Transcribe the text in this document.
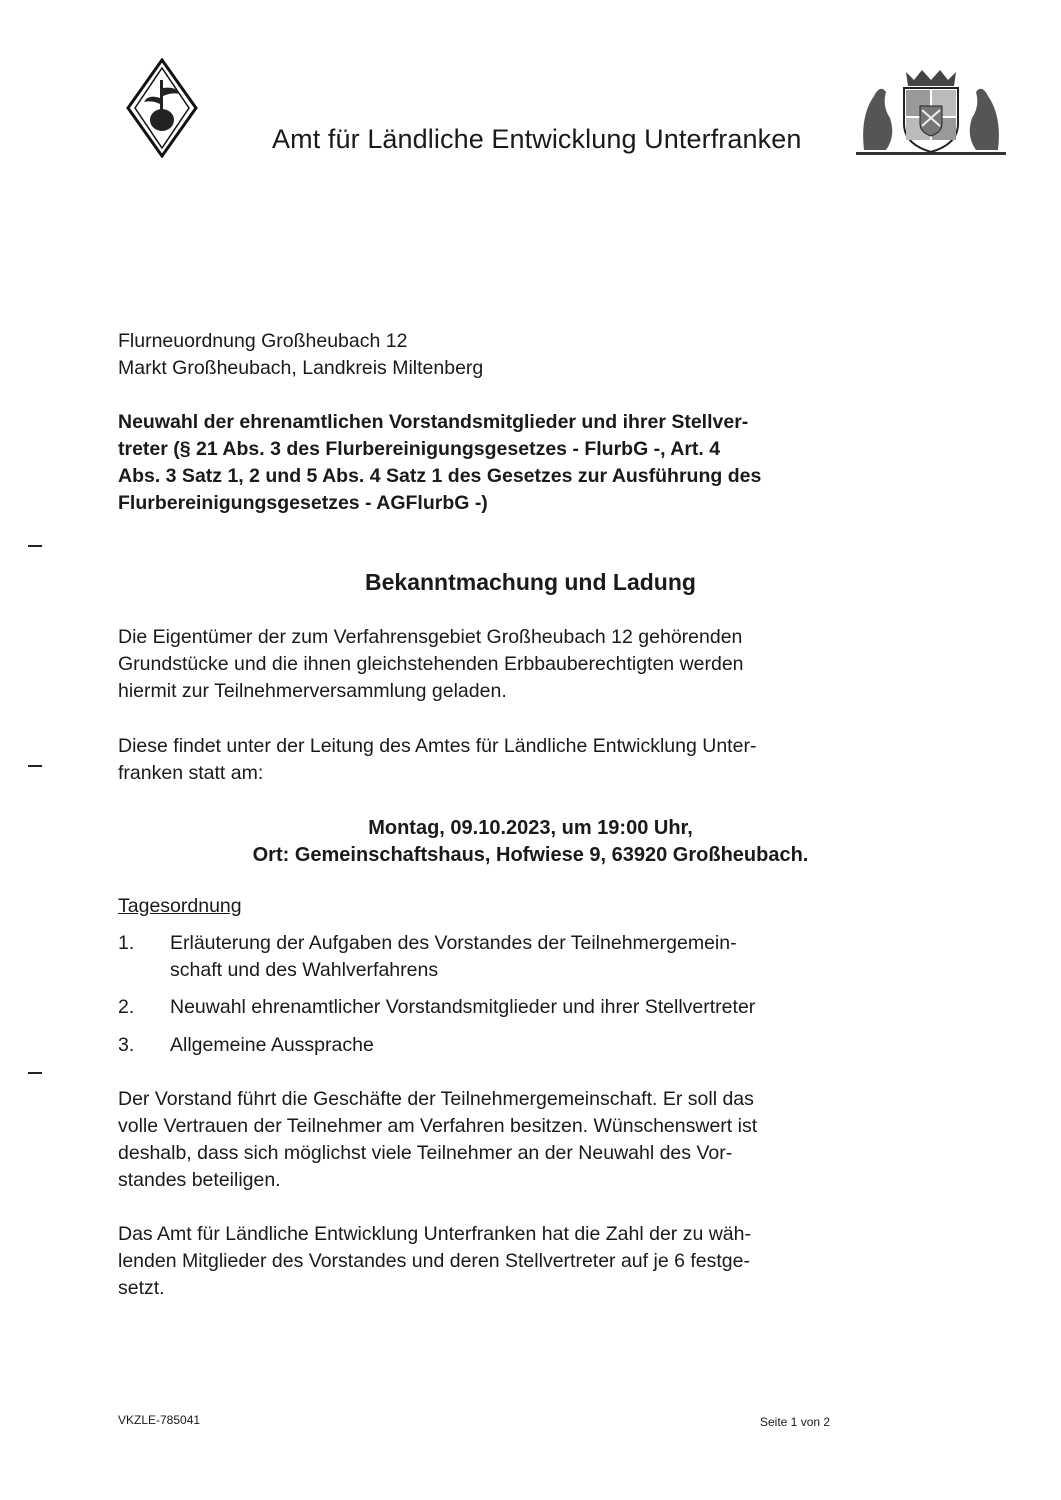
Amt für Ländliche Entwicklung Unterfranken
Flurneuordnung Großheubach 12
Markt Großheubach, Landkreis Miltenberg
Neuwahl der ehrenamtlichen Vorstandsmitglieder und ihrer Stellver-
treter (§ 21 Abs. 3 des Flurbereinigungsgesetzes - FlurbG -, Art. 4
Abs. 3 Satz 1, 2 und 5 Abs. 4 Satz 1 des Gesetzes zur Ausführung des
Flurbereinigungsgesetzes - AGFlurbG -)
Bekanntmachung und Ladung
Die Eigentümer der zum Verfahrensgebiet Großheubach 12 gehörenden
Grundstücke und die ihnen gleichstehenden Erbbauberechtigten werden
hiermit zur Teilnehmerversammlung geladen.
Diese findet unter der Leitung des Amtes für Ländliche Entwicklung Unter-
franken statt am:
Montag, 09.10.2023, um 19:00 Uhr,
Ort: Gemeinschaftshaus, Hofwiese 9, 63920 Großheubach.
Tagesordnung
1. Erläuterung der Aufgaben des Vorstandes der Teilnehmergemein-
schaft und des Wahlverfahrens
2. Neuwahl ehrenamtlicher Vorstandsmitglieder und ihrer Stellvertreter
3. Allgemeine Aussprache
Der Vorstand führt die Geschäfte der Teilnehmergemeinschaft. Er soll das
volle Vertrauen der Teilnehmer am Verfahren besitzen. Wünschenswert ist
deshalb, dass sich möglichst viele Teilnehmer an der Neuwahl des Vor-
standes beteiligen.
Das Amt für Ländliche Entwicklung Unterfranken hat die Zahl der zu wäh-
lenden Mitglieder des Vorstandes und deren Stellvertreter auf je 6 festge-
setzt.
VKZLE-785041	Seite 1 von 2
